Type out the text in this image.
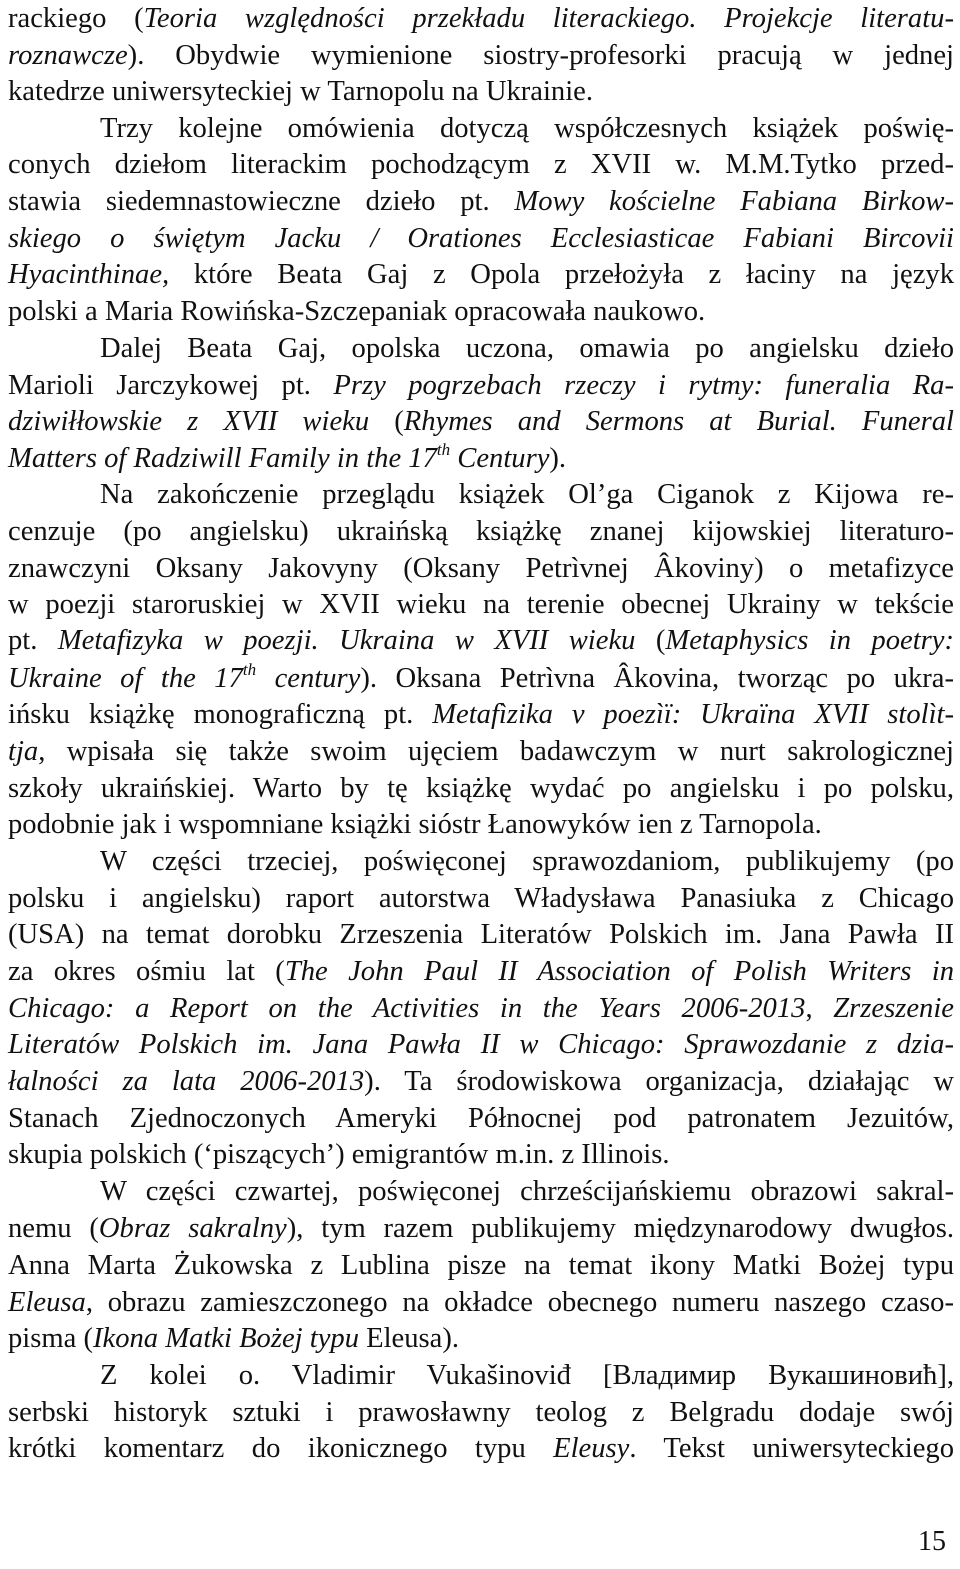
rackiego (Teoria względności przekładu literackiego. Projekcje literatu-
roznawcze). Obydwie wymienione siostry-profesorki pracują w jednej
katedrze uniwersyteckiej w Tarnopolu na Ukrainie.
Trzy kolejne omówienia dotyczą współczesnych książek poświę-
conych dziełom literackim pochodzącym z XVII w. M.M.Tytko przed-
stawia siedemnastowieczne dzieło pt. Mowy kościelne Fabiana Birkow-
skiego o świętym Jacku / Orationes Ecclesiasticae Fabiani Bircovii
Hyacinthinae, które Beata Gaj z Opola przełożyła z łaciny na język
polski a Maria Rowińska-Szczepaniak opracowała naukowo.
Dalej Beata Gaj, opolska uczona, omawia po angielsku dzieło
Marioli Jarczykowej pt. Przy pogrzebach rzeczy i rytmy: funeralia Ra-
dziwiłłowskie z XVII wieku (Rhymes and Sermons at Burial. Funeral
Matters of Radziwill Family in the 17th Century).
Na zakończenie przeglądu książek Ol’ga Ciganok z Kijowa re-
cenzuje (po angielsku) ukraińską książkę znanej kijowskiej literaturo-
znawczyni Oksany Jakovyny (Oksany Petrìvnej Âkoviny) o metafizyce
w poezji staroruskiej w XVII wieku na terenie obecnej Ukrainy w tekście
pt. Metafizyka w poezji. Ukraina w XVII wieku (Metaphysics in poetry:
Ukraine of the 17th century). Oksana Petrìvna Âkovina, tworząc po ukra-
ińsku książkę monograficzną pt. Metafìzika v poezìï: Ukraïna XVII stolìt-
tja, wpisała się także swoim ujęciem badawczym w nurt sakrologicznej
szkoły ukraińskiej. Warto by tę książkę wydać po angielsku i po polsku,
podobnie jak i wspomniane książki sióstr Łanowyków ien z Tarnopola.
W części trzeciej, poświęconej sprawozdaniom, publikujemy (po
polsku i angielsku) raport autorstwa Władysława Panasiuka z Chicago
(USA) na temat dorobku Zrzeszenia Literatów Polskich im. Jana Pawła II
za okres ośmiu lat (The John Paul II Association of Polish Writers in
Chicago: a Report on the Activities in the Years 2006-2013, Zrzeszenie
Literatów Polskich im. Jana Pawła II w Chicago: Sprawozdanie z dzia-
łalności za lata 2006-2013). Ta środowiskowa organizacja, działając w
Stanach Zjednoczonych Ameryki Północnej pod patronatem Jezuitów,
skupia polskich (‘piszących’) emigrantów m.in. z Illinois.
W części czwartej, poświęconej chrześcijańskiemu obrazowi sakral-
nemu (Obraz sakralny), tym razem publikujemy międzynarodowy dwugłos.
Anna Marta Żukowska z Lublina pisze na temat ikony Matki Bożej typu
Eleusa, obrazu zamieszczonego na okładce obecnego numeru naszego czaso-
pisma (Ikona Matki Bożej typu Eleusa).
Z kolei o. Vladimir Vukašinoviđ [Владимир Вукашиновић],
serbski historyk sztuki i prawosławny teolog z Belgradu dodaje swój
krótki komentarz do ikonicznego typu Eleusy. Tekst uniwersyteckiego
15
